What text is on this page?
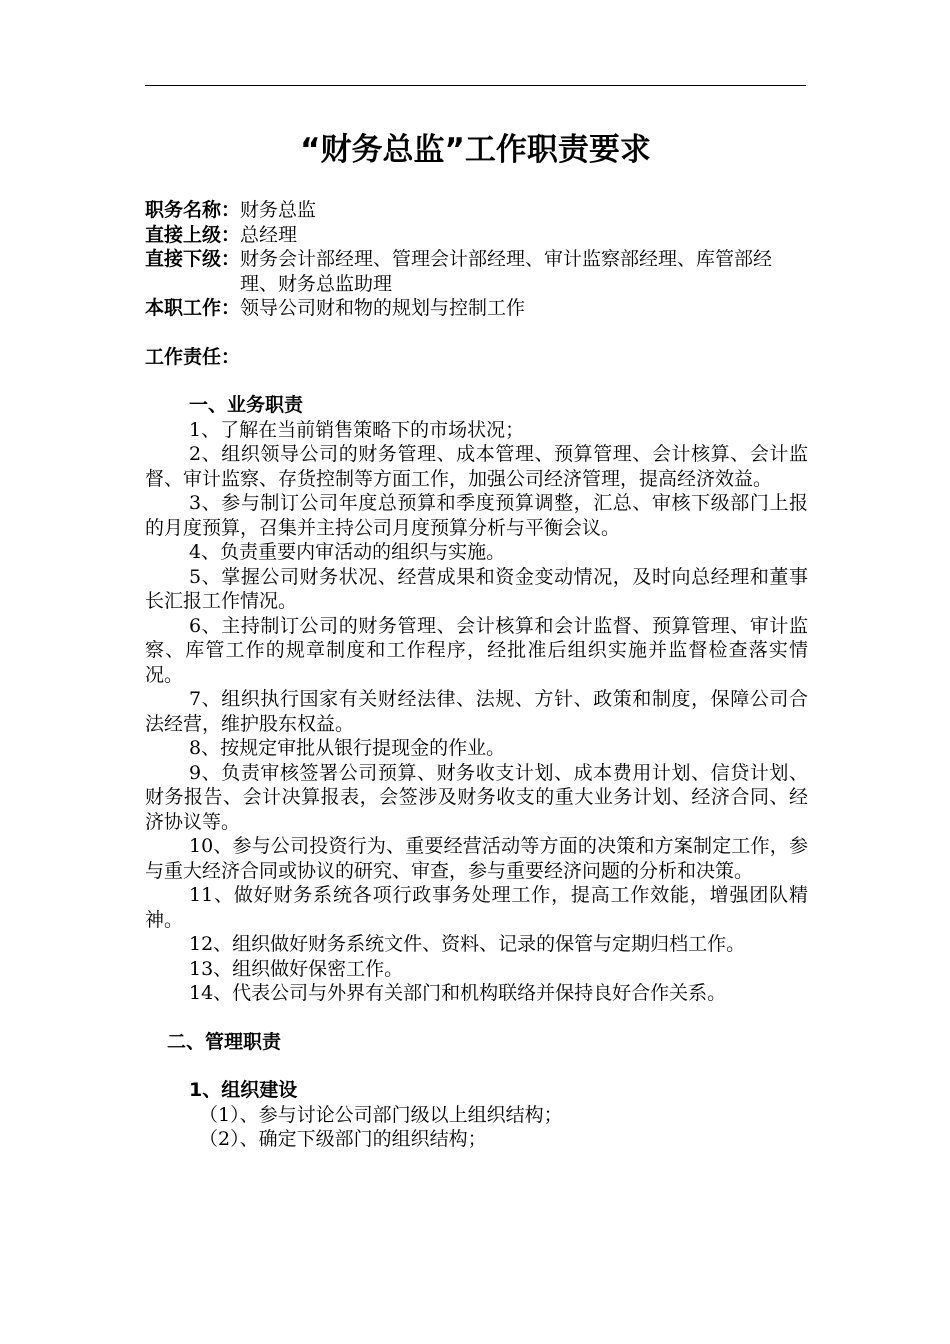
“财务总监”工作职责要求
职务名称： 财务总监
直接上级： 总经理
直接下级： 财务会计部经理、管理会计部经理、审计监察部经理、库管部经理、财务总监助理
本职工作： 领导公司财和物的规划与控制工作
工作责任：
一、业务职责
1、了解在当前销售策略下的市场状况；
2、组织领导公司的财务管理、成本管理、预算管理、会计核算、会计监督、审计监察、存货控制等方面工作，加强公司经济管理，提高经济效益。
3、参与制订公司年度总预算和季度预算调整，汇总、审核下级部门上报的月度预算，召集并主持公司月度预算分析与平衡会议。
4、负责重要内审活动的组织与实施。
5、掌握公司财务状况、经营成果和资金变动情况，及时向总经理和董事长汇报工作情况。
6、主持制订公司的财务管理、会计核算和会计监督、预算管理、审计监察、库管工作的规章制度和工作程序，经批准后组织实施并监督检查落实情况。
7、组织执行国家有关财经法律、法规、方针、政策和制度，保障公司合法经营，维护股东权益。
8、按规定审批从银行提现金的作业。
9、负责审核签署公司预算、财务收支计划、成本费用计划、信贷计划、财务报告、会计决算报表，会签涉及财务收支的重大业务计划、经济合同、经济协议等。
10、参与公司投资行为、重要经营活动等方面的决策和方案制定工作，参与重大经济合同或协议的研究、审查，参与重要经济问题的分析和决策。
11、做好财务系统各项行政事务处理工作，提高工作效能，增强团队精神。
12、组织做好财务系统文件、资料、记录的保管与定期归档工作。
13、组织做好保密工作。
14、代表公司与外界有关部门和机构联络并保持良好合作关系。
二、管理职责
1、组织建设
（1）、参与讨论公司部门级以上组织结构；
（2）、确定下级部门的组织结构；
